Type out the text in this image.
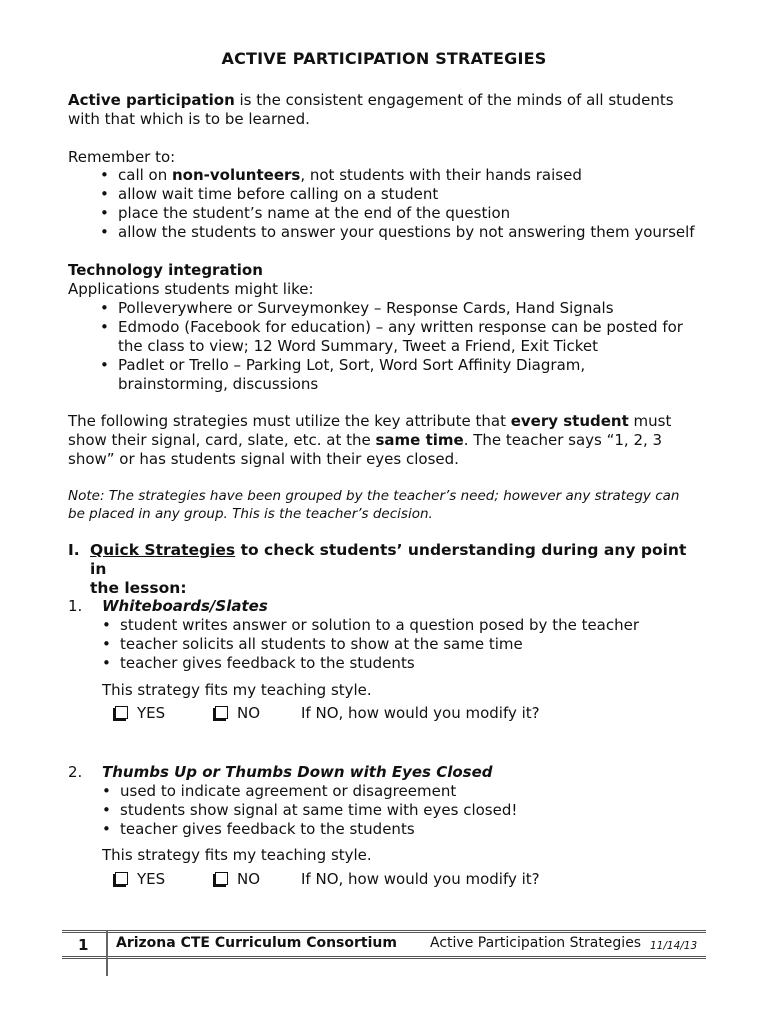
ACTIVE PARTICIPATION STRATEGIES
Active participation is the consistent engagement of the minds of all students
with that which is to be learned.
Remember to:
• call on non-volunteers, not students with their hands raised
• allow wait time before calling on a student
• place the student’s name at the end of the question
• allow the students to answer your questions by not answering them yourself
Technology integration
Applications students might like:
• Polleverywhere or Surveymonkey – Response Cards, Hand Signals
• Edmodo (Facebook for education) – any written response can be posted for
the class to view; 12 Word Summary, Tweet a Friend, Exit Ticket
• Padlet or Trello – Parking Lot, Sort, Word Sort Affinity Diagram,
brainstorming, discussions
The following strategies must utilize the key attribute that every student must
show their signal, card, slate, etc. at the same time. The teacher says “1, 2, 3
show” or has students signal with their eyes closed.
Note: The strategies have been grouped by the teacher’s need; however any strategy can
be placed in any group. This is the teacher’s decision.
I. Quick Strategies to check students’ understanding during any point in
the lesson:
1. Whiteboards/Slates
• student writes answer or solution to a question posed by the teacher
• teacher solicits all students to show at the same time
• teacher gives feedback to the students
This strategy fits my teaching style.
YES	NO	If NO, how would you modify it?
2. Thumbs Up or Thumbs Down with Eyes Closed
• used to indicate agreement or disagreement
• students show signal at same time with eyes closed!
• teacher gives feedback to the students
This strategy fits my teaching style.
YES	NO	If NO, how would you modify it?
1 Arizona CTE Curriculum Consortium Active Participation Strategies 11/14/13
